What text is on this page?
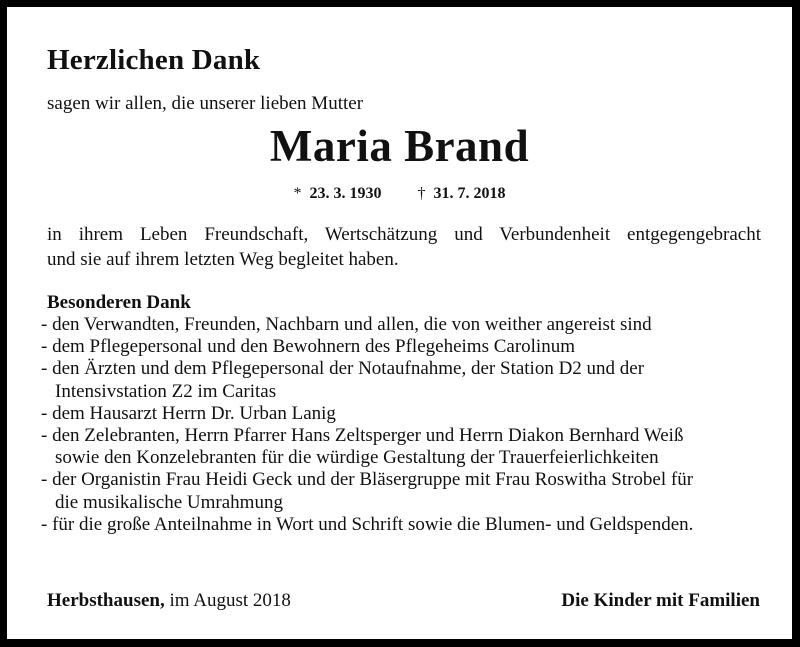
Herzlichen Dank
sagen wir allen, die unserer lieben Mutter
Maria Brand
* 23. 3. 1930 † 31. 7. 2018
in ihrem Leben Freundschaft, Wertschätzung und Verbundenheit entgegengebracht
und sie auf ihrem letzten Weg begleitet haben.
Besonderen Dank
- den Verwandten, Freunden, Nachbarn und allen, die von weither angereist sind
- dem Pflegepersonal und den Bewohnern des Pflegeheims Carolinum
- den Ärzten und dem Pflegepersonal der Notaufnahme, der Station D2 und der
Intensivstation Z2 im Caritas
- dem Hausarzt Herrn Dr. Urban Lanig
- den Zelebranten, Herrn Pfarrer Hans Zeltsperger und Herrn Diakon Bernhard Weiß
sowie den Konzelebranten für die würdige Gestaltung der Trauerfeierlichkeiten
- der Organistin Frau Heidi Geck und der Bläsergruppe mit Frau Roswitha Strobel für
die musikalische Umrahmung
- für die große Anteilnahme in Wort und Schrift sowie die Blumen- und Geldspenden.
Herbsthausen, im August 2018	Die Kinder mit Familien
